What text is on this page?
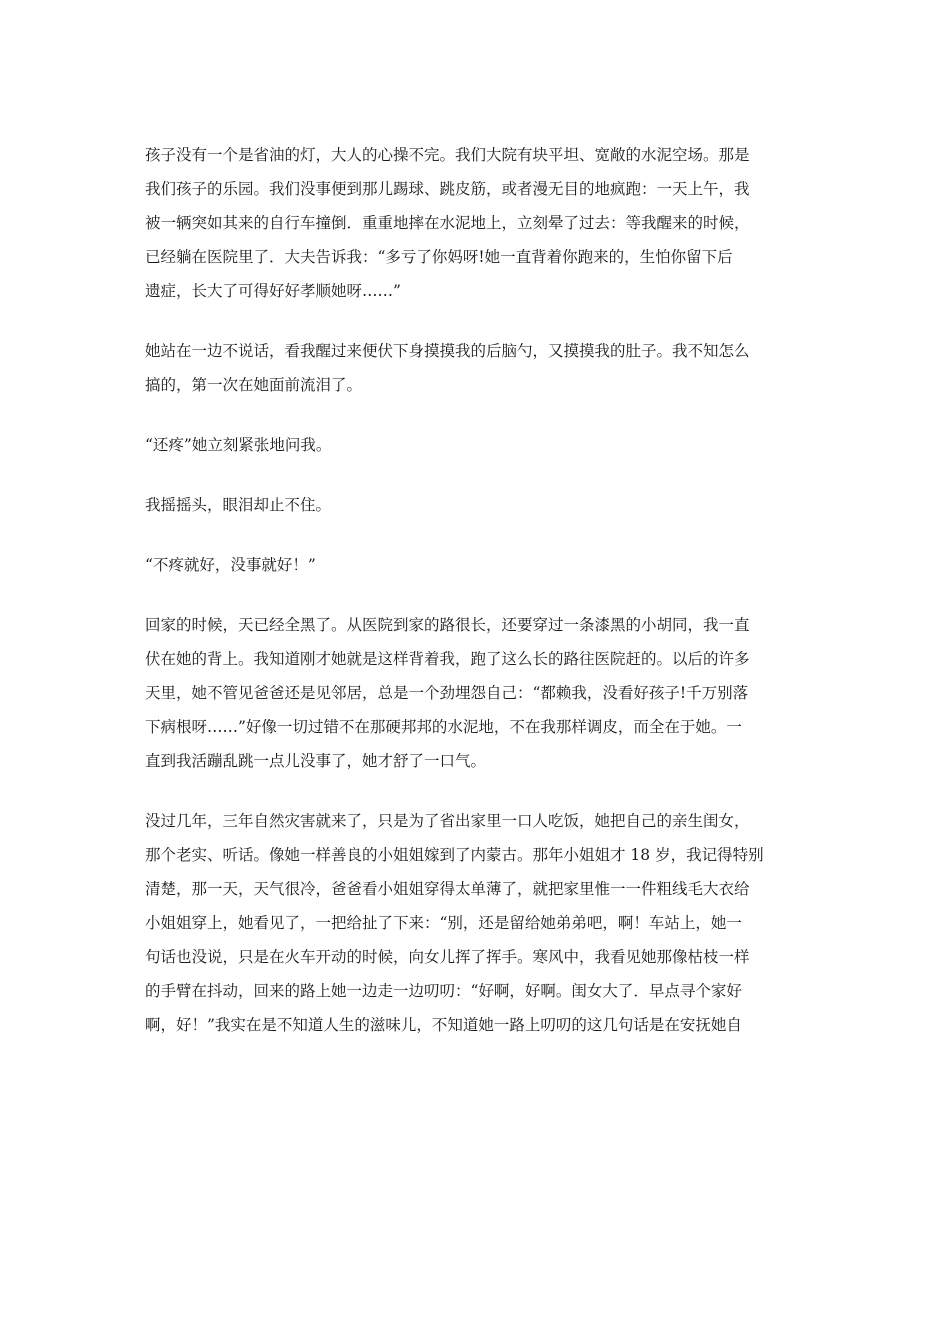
孩子没有一个是省油的灯，大人的心操不完。我们大院有块平坦、宽敞的水泥空场。那是
我们孩子的乐园。我们没事便到那儿踢球、跳皮筋，或者漫无目的地疯跑：一天上午，我
被一辆突如其来的自行车撞倒．重重地摔在水泥地上，立刻晕了过去：等我醒来的时候，
已经躺在医院里了．大夫告诉我：“多亏了你妈呀!她一直背着你跑来的，生怕你留下后
遗症，长大了可得好好孝顺她呀……”
她站在一边不说话，看我醒过来便伏下身摸摸我的后脑勺，又摸摸我的肚子。我不知怎么
搞的，第一次在她面前流泪了。
“还疼”她立刻紧张地问我。
我摇摇头，眼泪却止不住。
“不疼就好，没事就好！”
回家的时候，天已经全黑了。从医院到家的路很长，还要穿过一条漆黑的小胡同，我一直
伏在她的背上。我知道刚才她就是这样背着我，跑了这么长的路往医院赶的。以后的许多
天里，她不管见爸爸还是见邻居，总是一个劲埋怨自己：“都赖我，没看好孩子!千万别落
下病根呀……”好像一切过错不在那硬邦邦的水泥地，不在我那样调皮，而全在于她。一
直到我活蹦乱跳一点儿没事了，她才舒了一口气。
没过几年，三年自然灾害就来了，只是为了省出家里一口人吃饭，她把自己的亲生闺女，
那个老实、听话。像她一样善良的小姐姐嫁到了内蒙古。那年小姐姐才 18 岁，我记得特别
清楚，那一天，天气很冷，爸爸看小姐姐穿得太单薄了，就把家里惟一一件粗线毛大衣给
小姐姐穿上，她看见了，一把给扯了下来：“别，还是留给她弟弟吧，啊！车站上，她一
句话也没说，只是在火车开动的时候，向女儿挥了挥手。寒风中，我看见她那像枯枝一样
的手臂在抖动，回来的路上她一边走一边叨叨：“好啊，好啊。闺女大了．早点寻个家好
啊，好！”我实在是不知道人生的滋味儿，不知道她一路上叨叨的这几句话是在安抚她自
